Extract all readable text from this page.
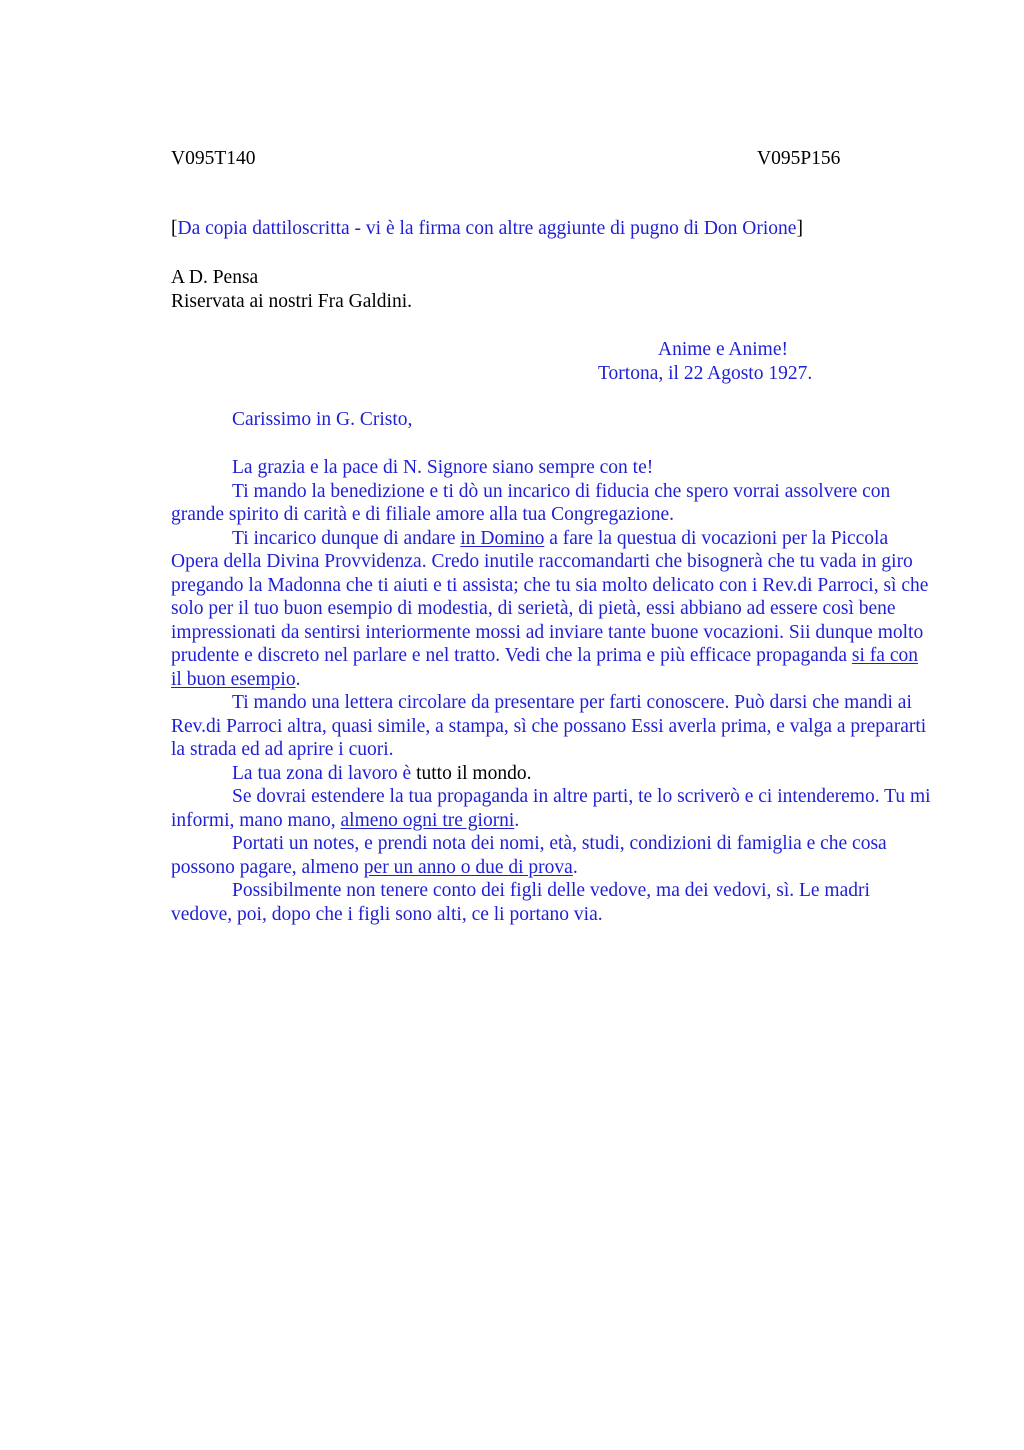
V095T140	V095P156
[Da copia dattiloscritta - vi è la firma con altre aggiunte di pugno di Don Orione]
A D. Pensa
Riservata ai nostri Fra Galdini.
Anime e Anime!
Tortona, il 22 Agosto 1927.
Carissimo in G. Cristo,

La grazia e la pace di N. Signore siano sempre con te!

Ti mando la benedizione e ti dò un incarico di fiducia che spero vorrai assolvere con grande spirito di carità e di filiale amore alla tua Congregazione.

Ti incarico dunque di andare in Domino a fare la questua di vocazioni per la Piccola Opera della Divina Provvidenza. Credo inutile raccomandarti che bisognerà che tu vada in giro pregando la Madonna che ti aiuti e ti assista; che tu sia molto delicato con i Rev.di Parroci, sì che solo per il tuo buon esempio di modestia, di serietà, di pietà, essi abbiano ad essere così bene impressionati da sentirsi interiormente mossi ad inviare tante buone vocazioni. Sii dunque molto prudente e discreto nel parlare e nel tratto. Vedi che la prima e più efficace propaganda si fa con il buon esempio.

Ti mando una lettera circolare da presentare per farti conoscere. Può darsi che mandi ai Rev.di Parroci altra, quasi simile, a stampa, sì che possano Essi averla prima, e valga a prepararti la strada ed ad aprire i cuori.

La tua zona di lavoro è tutto il mondo.

Se dovrai estendere la tua propaganda in altre parti, te lo scriverò e ci intenderemo. Tu mi informi, mano mano, almeno ogni tre giorni.

Portati un notes, e prendi nota dei nomi, età, studi, condizioni di famiglia e che cosa possono pagare, almeno per un anno o due di prova.

Possibilmente non tenere conto dei figli delle vedove, ma dei vedovi, sì. Le madri vedove, poi, dopo che i figli sono alti, ce li portano via.
